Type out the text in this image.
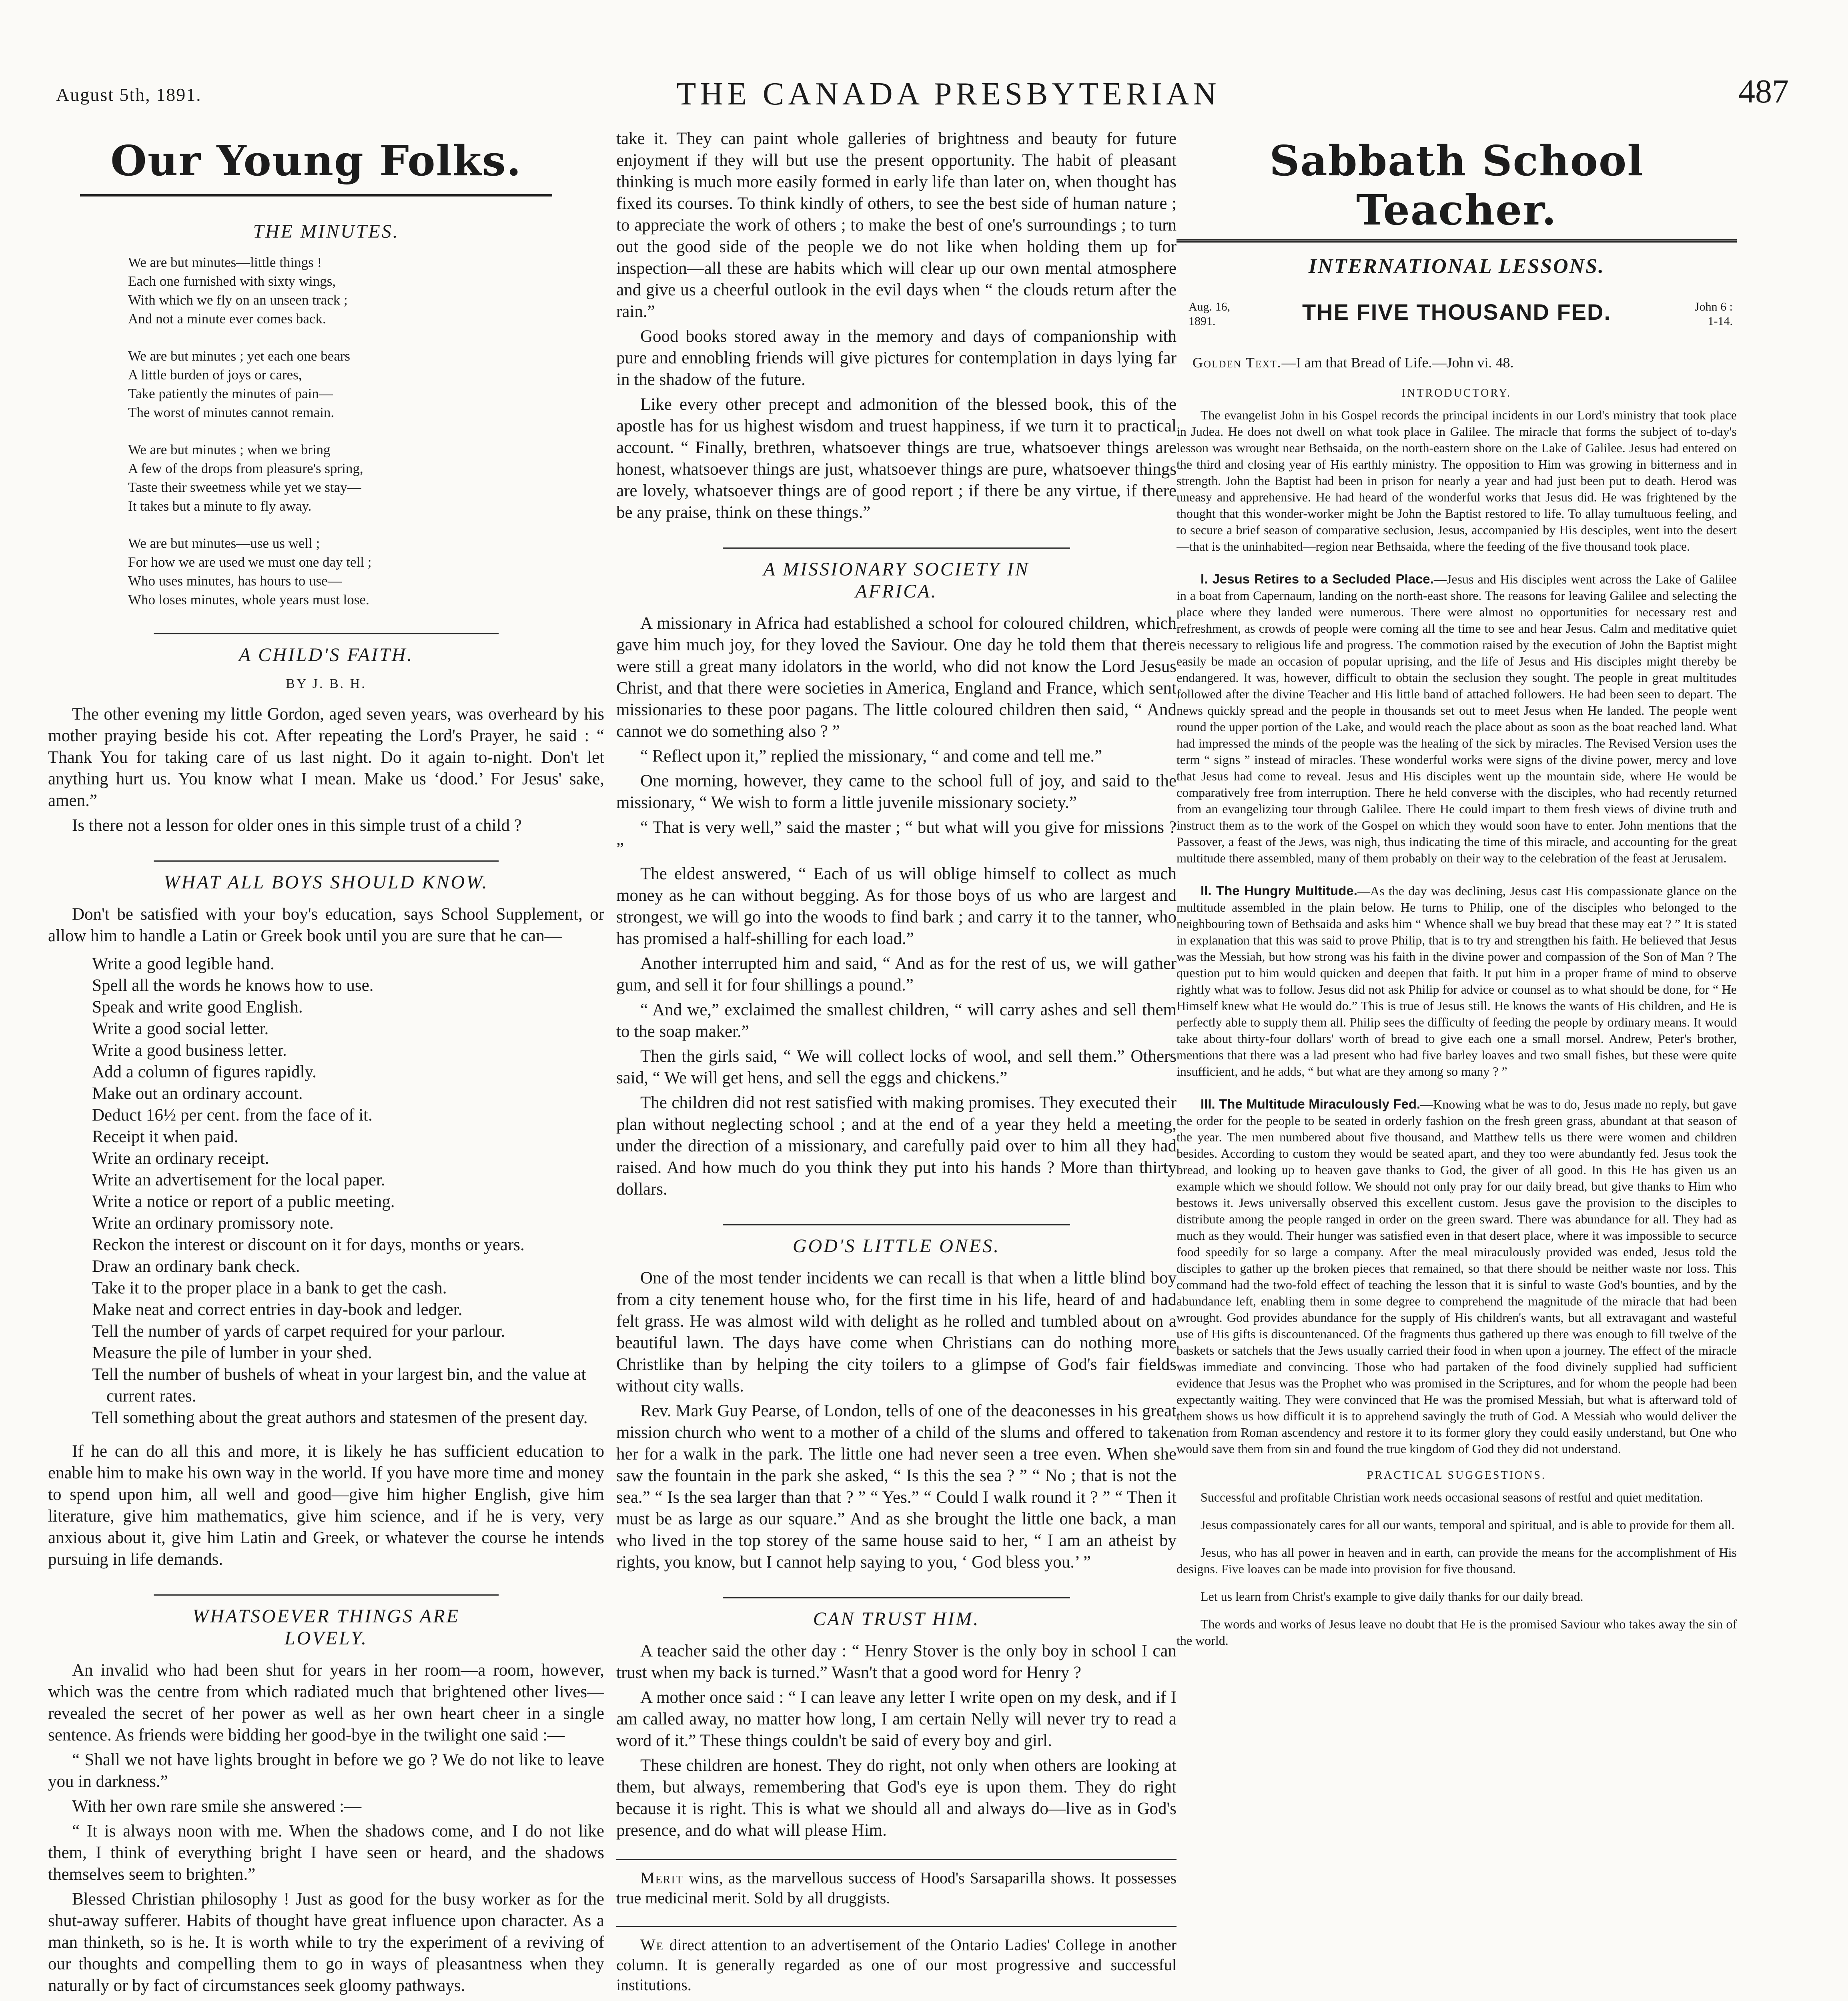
August 5th, 1891.	THE CANADA PRESBYTERIAN	487
Our Young Folks.
THE MINUTES.
We are but minutes—little things !
Each one furnished with sixty wings,
With which we fly on an unseen track ;
And not a minute ever comes back.
We are but minutes ; yet each one bears
A little burden of joys or cares,
Take patiently the minutes of pain—
The worst of minutes cannot remain.
We are but minutes ; when we bring
A few of the drops from pleasure's spring,
Taste their sweetness while yet we stay—
It takes but a minute to fly away.
We are but minutes—use us well ;
For how we are used we must one day tell ;
Who uses minutes, has hours to use—
Who loses minutes, whole years must lose.
A CHILD'S FAITH.
BY J. B. H.

The other evening my little Gordon, aged seven years, was overheard by his mother praying beside his cot. After repeating the Lord's Prayer, he said : “ Thank You for taking care of us last night. Do it again to-night. Don't let anything hurt us. You know what I mean. Make us ‘dood.’ For Jesus' sake, amen.”

Is there not a lesson for older ones in this simple trust of a child ?

WHAT ALL BOYS SHOULD KNOW.

Don't be satisfied with your boy's education, says School Supplement, or allow him to handle a Latin or Greek book until you are sure that he can—

Write a good legible hand.
Spell all the words he knows how to use.
Speak and write good English.
Write a good social letter.
Write a good business letter.
Add a column of figures rapidly.
Make out an ordinary account.
Deduct 16½ per cent. from the face of it.
Receipt it when paid.
Write an ordinary receipt.
Write an advertisement for the local paper.
Write a notice or report of a public meeting.
Write an ordinary promissory note.
Reckon the interest or discount on it for days, months or years.
Draw an ordinary bank check.
Take it to the proper place in a bank to get the cash.
Make neat and correct entries in day-book and ledger.
Tell the number of yards of carpet required for your parlour.
Measure the pile of lumber in your shed.
Tell the number of bushels of wheat in your largest bin, and the value at current rates.
Tell something about the great authors and statesmen of the present day.

If he can do all this and more, it is likely he has sufficient education to enable him to make his own way in the world. If you have more time and money to spend upon him, all well and good—give him higher English, give him literature, give him mathematics, give him science, and if he is very, very anxious about it, give him Latin and Greek, or whatever the course he intends pursuing in life demands.

WHATSOEVER THINGS ARE LOVELY.

An invalid who had been shut for years in her room—a room, however, which was the centre from which radiated much that brightened other lives—revealed the secret of her power as well as her own heart cheer in a single sentence. As friends were bidding her good-bye in the twilight one said :—

“ Shall we not have lights brought in before we go ? We do not like to leave you in darkness.”

With her own rare smile she answered :—

“ It is always noon with me. When the shadows come, and I do not like them, I think of everything bright I have seen or heard, and the shadows themselves seem to brighten.”

Blessed Christian philosophy ! Just as good for the busy worker as for the shut-away sufferer. Habits of thought have great influence upon character. As a man thinketh, so is he. It is worth while to try the experiment of a reviving of our thoughts and compelling them to go in ways of pleasantness when they naturally or by fact of circumstances seek gloomy pathways.

take it. They can paint whole galleries of brightness and beauty for future enjoyment if they will but use the present opportunity. The habit of pleasant thinking is much more easily formed in early life than later on, when thought has fixed its courses. To think kindly of others, to see the best side of human nature ; to appreciate the work of others ; to make the best of one's surroundings ; to turn out the good side of the people we do not like when holding them up for inspection—all these are habits which will clear up our own mental atmosphere and give us a cheerful outlook in the evil days when “ the clouds return after the rain.”

Good books stored away in the memory and days of companionship with pure and ennobling friends will give pictures for contemplation in days lying far in the shadow of the future.

Like every other precept and admonition of the blessed book, this of the apostle has for us highest wisdom and truest happiness, if we turn it to practical account. “ Finally, brethren, whatsoever things are true, whatsoever things are honest, whatsoever things are just, whatsoever things are pure, whatsoever things are lovely, whatsoever things are of good report ; if there be any virtue, if there be any praise, think on these things.”

A MISSIONARY SOCIETY IN AFRICA.

A missionary in Africa had established a school for coloured children, which gave him much joy, for they loved the Saviour. One day he told them that there were still a great many idolators in the world, who did not know the Lord Jesus Christ, and that there were societies in America, England and France, which sent missionaries to these poor pagans. The little coloured children then said, “ And cannot we do something also ? ”

“ Reflect upon it,” replied the missionary, “ and come and tell me.”

One morning, however, they came to the school full of joy, and said to the missionary, “ We wish to form a little juvenile missionary society.”

“ That is very well,” said the master ; “ but what will you give for missions ? ”

The eldest answered, “ Each of us will oblige himself to collect as much money as he can without begging. As for those boys of us who are largest and strongest, we will go into the woods to find bark ; and carry it to the tanner, who has promised a half-shilling for each load.”

Another interrupted him and said, “ And as for the rest of us, we will gather gum, and sell it for four shillings a pound.”

“ And we,” exclaimed the smallest children, “ will carry ashes and sell them to the soap maker.”

Then the girls said, “ We will collect locks of wool, and sell them.” Others said, “ We will get hens, and sell the eggs and chickens.”

The children did not rest satisfied with making promises. They executed their plan without neglecting school ; and at the end of a year they held a meeting, under the direction of a missionary, and carefully paid over to him all they had raised. And how much do you think they put into his hands ? More than thirty dollars.

GOD'S LITTLE ONES.

One of the most tender incidents we can recall is that when a little blind boy from a city tenement house who, for the first time in his life, heard of and had felt grass. He was almost wild with delight as he rolled and tumbled about on a beautiful lawn. The days have come when Christians can do nothing more Christlike than by helping the city toilers to a glimpse of God's fair fields without city walls.

Rev. Mark Guy Pearse, of London, tells of one of the deaconesses in his great mission church who went to a mother of a child of the slums and offered to take her for a walk in the park. The little one had never seen a tree even. When she saw the fountain in the park she asked, “ Is this the sea ? ” “ No ; that is not the sea.” “ Is the sea larger than that ? ” “ Yes.” “ Could I walk round it ? ” “ Then it must be as large as our square.” And as she brought the little one back, a man who lived in the top storey of the same house said to her, “ I am an atheist by rights, you know, but I cannot help saying to you, ‘ God bless you.’ ”

CAN TRUST HIM.

A teacher said the other day : “ Henry Stover is the only boy in school I can trust when my back is turned.” Wasn't that a good word for Henry ?

A mother once said : “ I can leave any letter I write open on my desk, and if I am called away, no matter how long, I am certain Nelly will never try to read a word of it.” These things couldn't be said of every boy and girl.

These children are honest. They do right, not only when others are looking at them, but always, remembering that God's eye is upon them. They do right because it is right. This is what we should all and always do—live as in God's presence, and do what will please Him.

Merit wins, as the marvellous success of Hood's Sarsaparilla shows. It possesses true medicinal merit. Sold by all druggists.

We direct attention to an advertisement of the Ontario Ladies' College in another column. It is generally regarded as one of our most progressive and successful institutions.

Sabbath School Teacher.
INTERNATIONAL LESSONS.
Aug. 16,
1891.	THE FIVE THOUSAND FED.	John 6 :
1-14.
Golden Text.—I am that Bread of Life.—John vi. 48.
INTRODUCTORY.

The evangelist John in his Gospel records the principal incidents in our Lord's ministry that took place in Judea. He does not dwell on what took place in Galilee. The miracle that forms the subject of to-day's lesson was wrought near Bethsaida, on the north-eastern shore on the Lake of Galilee. Jesus had entered on the third and closing year of His earthly ministry. The opposition to Him was growing in bitterness and in strength. John the Baptist had been in prison for nearly a year and had just been put to death. Herod was uneasy and apprehensive. He had heard of the wonderful works that Jesus did. He was frightened by the thought that this wonder-worker might be John the Baptist restored to life. To allay tumultuous feeling, and to secure a brief season of comparative seclusion, Jesus, accompanied by His desciples, went into the desert—that is the uninhabited—region near Bethsaida, where the feeding of the five thousand took place.

I. Jesus Retires to a Secluded Place.—Jesus and His disciples went across the Lake of Galilee in a boat from Capernaum, landing on the north-east shore. The reasons for leaving Galilee and selecting the place where they landed were numerous. There were almost no opportunities for necessary rest and refreshment, as crowds of people were coming all the time to see and hear Jesus. Calm and meditative quiet is necessary to religious life and progress. The commotion raised by the execution of John the Baptist might easily be made an occasion of popular uprising, and the life of Jesus and His disciples might thereby be endangered. It was, however, difficult to obtain the seclusion they sought. The people in great multitudes followed after the divine Teacher and His little band of attached followers. He had been seen to depart. The news quickly spread and the people in thousands set out to meet Jesus when He landed. The people went round the upper portion of the Lake, and would reach the place about as soon as the boat reached land. What had impressed the minds of the people was the healing of the sick by miracles. The Revised Version uses the term “ signs ” instead of miracles. These wonderful works were signs of the divine power, mercy and love that Jesus had come to reveal. Jesus and His disciples went up the mountain side, where He would be comparatively free from interruption. There he held converse with the disciples, who had recently returned from an evangelizing tour through Galilee. There He could impart to them fresh views of divine truth and instruct them as to the work of the Gospel on which they would soon have to enter. John mentions that the Passover, a feast of the Jews, was nigh, thus indicating the time of this miracle, and accounting for the great multitude there assembled, many of them probably on their way to the celebration of the feast at Jerusalem.

II. The Hungry Multitude.—As the day was declining, Jesus cast His compassionate glance on the multitude assembled in the plain below. He turns to Philip, one of the disciples who belonged to the neighbouring town of Bethsaida and asks him “ Whence shall we buy bread that these may eat ? ” It is stated in explanation that this was said to prove Philip, that is to try and strengthen his faith. He believed that Jesus was the Messiah, but how strong was his faith in the divine power and compassion of the Son of Man ? The question put to him would quicken and deepen that faith. It put him in a proper frame of mind to observe rightly what was to follow. Jesus did not ask Philip for advice or counsel as to what should be done, for “ He Himself knew what He would do.” This is true of Jesus still. He knows the wants of His children, and He is perfectly able to supply them all. Philip sees the difficulty of feeding the people by ordinary means. It would take about thirty-four dollars' worth of bread to give each one a small morsel. Andrew, Peter's brother, mentions that there was a lad present who had five barley loaves and two small fishes, but these were quite insufficient, and he adds, “ but what are they among so many ? ”

III. The Multitude Miraculously Fed.—Knowing what he was to do, Jesus made no reply, but gave the order for the people to be seated in orderly fashion on the fresh green grass, abundant at that season of the year. The men numbered about five thousand, and Matthew tells us there were women and children besides. According to custom they would be seated apart, and they too were abundantly fed. Jesus took the bread, and looking up to heaven gave thanks to God, the giver of all good. In this He has given us an example which we should follow. We should not only pray for our daily bread, but give thanks to Him who bestows it. Jews universally observed this excellent custom. Jesus gave the provision to the disciples to distribute among the people ranged in order on the green sward. There was abundance for all. They had as much as they would. Their hunger was satisfied even in that desert place, where it was impossible to securce food speedily for so large a company. After the meal miraculously provided was ended, Jesus told the disciples to gather up the broken pieces that remained, so that there should be neither waste nor loss. This command had the two-fold effect of teaching the lesson that it is sinful to waste God's bounties, and by the abundance left, enabling them in some degree to comprehend the magnitude of the miracle that had been wrought. God provides abundance for the supply of His children's wants, but all extravagant and wasteful use of His gifts is discountenanced. Of the fragments thus gathered up there was enough to fill twelve of the baskets or satchels that the Jews usually carried their food in when upon a journey. The effect of the miracle was immediate and convincing. Those who had partaken of the food divinely supplied had sufficient evidence that Jesus was the Prophet who was promised in the Scriptures, and for whom the people had been expectantly waiting. They were convinced that He was the promised Messiah, but what is afterward told of them shows us how difficult it is to apprehend savingly the truth of God. A Messiah who would deliver the nation from Roman ascendency and restore it to its former glory they could easily understand, but One who would save them from sin and found the true kingdom of God they did not understand.

PRACTICAL SUGGESTIONS.

Successful and profitable Christian work needs occasional seasons of restful and quiet meditation.

Jesus compassionately cares for all our wants, temporal and spiritual, and is able to provide for them all.

Jesus, who has all power in heaven and in earth, can provide the means for the accomplishment of His designs. Five loaves can be made into provision for five thousand.

Let us learn from Christ's example to give daily thanks for our daily bread.

The words and works of Jesus leave no doubt that He is the promised Saviour who takes away the sin of the world.
